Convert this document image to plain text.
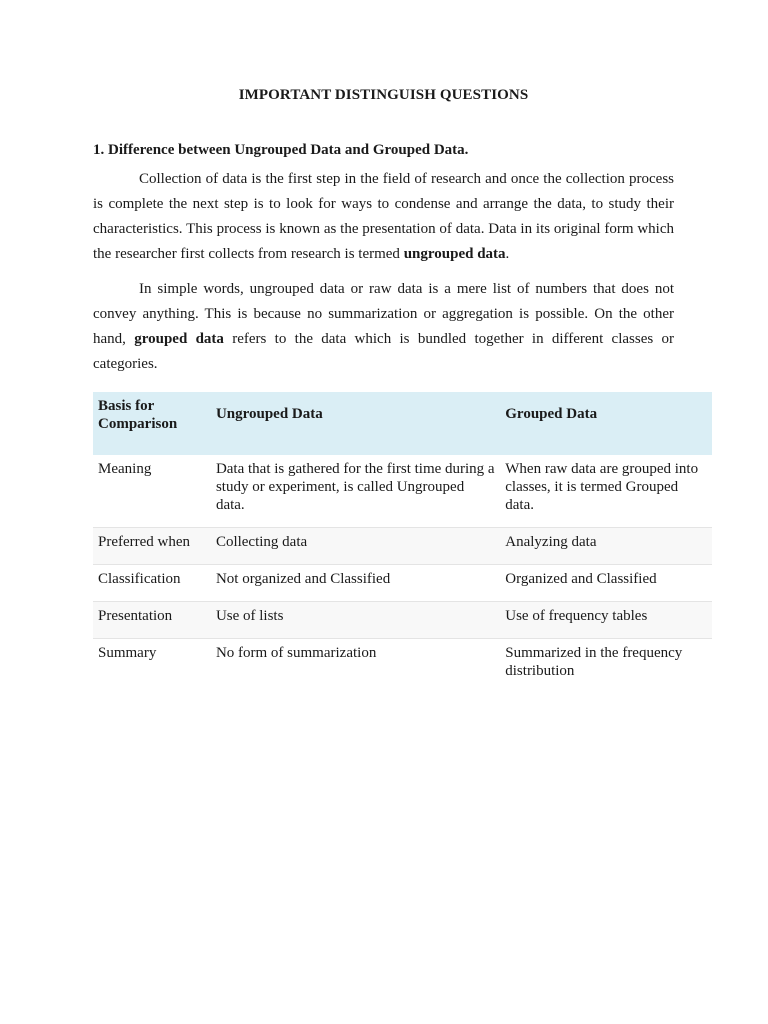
IMPORTANT DISTINGUISH QUESTIONS
1. Difference between Ungrouped Data and Grouped Data.

Collection of data is the first step in the field of research and once the collection process is complete the next step is to look for ways to condense and arrange the data, to study their characteristics. This process is known as the presentation of data. Data in its original form which the researcher first collects from research is termed ungrouped data.

In simple words, ungrouped data or raw data is a mere list of numbers that does not convey anything. This is because no summarization or aggregation is possible. On the other hand, grouped data refers to the data which is bundled together in different classes or categories.

Basis for Comparison	Ungrouped Data	Grouped Data
Meaning	Data that is gathered for the first time during a study or experiment, is called Ungrouped data.	When raw data are grouped into classes, it is termed Grouped data.
Preferred when	Collecting data	Analyzing data
Classification	Not organized and Classified	Organized and Classified
Presentation	Use of lists	Use of frequency tables
Summary	No form of summarization	Summarized in the frequency distribution
